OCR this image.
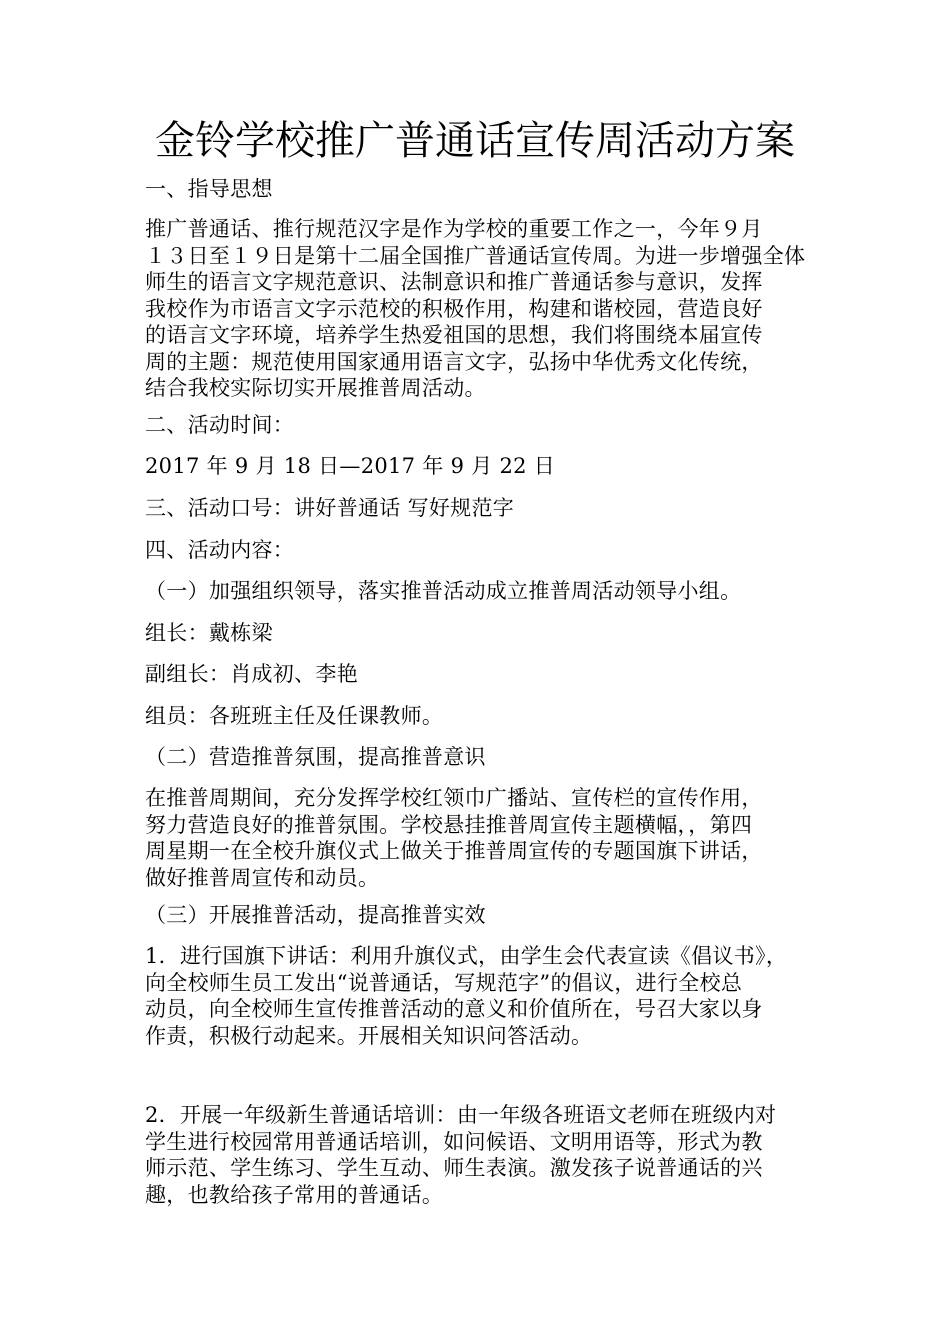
金铃学校推广普通话宣传周活动方案
一、指导思想
推广普通话、推行规范汉字是作为学校的重要工作之一，今年９月
１３日至１９日是第十二届全国推广普通话宣传周。为进一步增强全体
师生的语言文字规范意识、法制意识和推广普通话参与意识，发挥
我校作为市语言文字示范校的积极作用，构建和谐校园，营造良好
的语言文字环境，培养学生热爱祖国的思想，我们将围绕本届宣传
周的主题：规范使用国家通用语言文字，弘扬中华优秀文化传统，
结合我校实际切实开展推普周活动。
二、活动时间：
2017 年 9 月 18 日—2017 年 9 月 22 日
三、活动口号：讲好普通话 写好规范字
四、活动内容：
（一）加强组织领导，落实推普活动成立推普周活动领导小组。
组长：戴栋梁
副组长：肖成初、李艳
组员：各班班主任及任课教师。
（二）营造推普氛围，提高推普意识
在推普周期间，充分发挥学校红领巾广播站、宣传栏的宣传作用，
努力营造良好的推普氛围。学校悬挂推普周宣传主题横幅，，第四
周星期一在全校升旗仪式上做关于推普周宣传的专题国旗下讲话，
做好推普周宣传和动员。
（三）开展推普活动，提高推普实效
1．进行国旗下讲话：利用升旗仪式，由学生会代表宣读《倡议书》，
向全校师生员工发出“说普通话，写规范字”的倡议，进行全校总
动员，向全校师生宣传推普活动的意义和价值所在，号召大家以身
作责，积极行动起来。开展相关知识问答活动。
2．开展一年级新生普通话培训：由一年级各班语文老师在班级内对
学生进行校园常用普通话培训，如问候语、文明用语等，形式为教
师示范、学生练习、学生互动、师生表演。激发孩子说普通话的兴
趣，也教给孩子常用的普通话。
